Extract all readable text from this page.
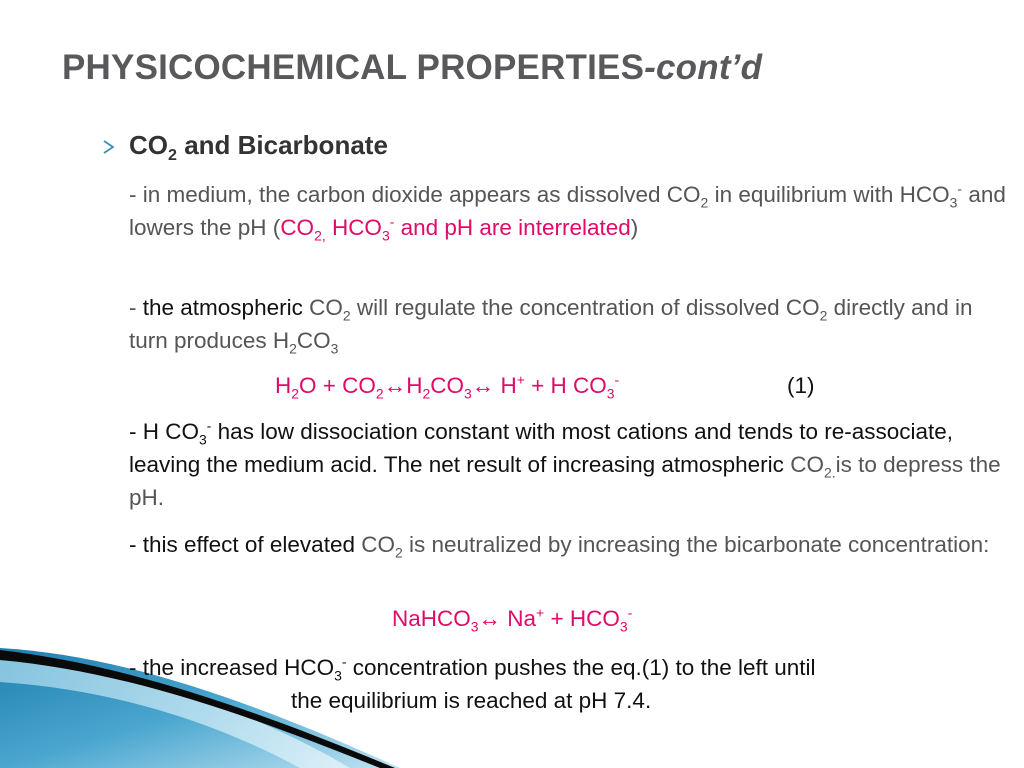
PHYSICOCHEMICAL PROPERTIES-cont’d
$CO_2$ and Bicarbonate
- in medium, the carbon dioxide appears as dissolved $CO_2$ in equilibrium with $HCO_3^-$ and lowers the pH ($CO_{2,}$ $HCO_3^-$ and pH are interrelated)
- the atmospheric $CO_2$ will regulate the concentration of dissolved $CO_2$ directly and in turn produces $H_2CO_3$
$H_2O$ + $CO_2\leftrightarrow H_2CO_3\leftrightarrow$ H+ + H $CO_3^-$	(1)
- H $CO_3^-$ has low dissociation constant with most cations and tends to re-associate, leaving the medium acid. The net result of increasing atmospheric $CO_{2.}is$ to depress the pH.
- this effect of elevated $CO_2$ is neutralized by increasing the bicarbonate concentration:
NaHCO$_3$↔ $Na^+ + HCO_3^-$
- the increased $HCO_3^-$ concentration pushes the eq.(1) to the left until
the equilibrium is reached at pH 7.4.
